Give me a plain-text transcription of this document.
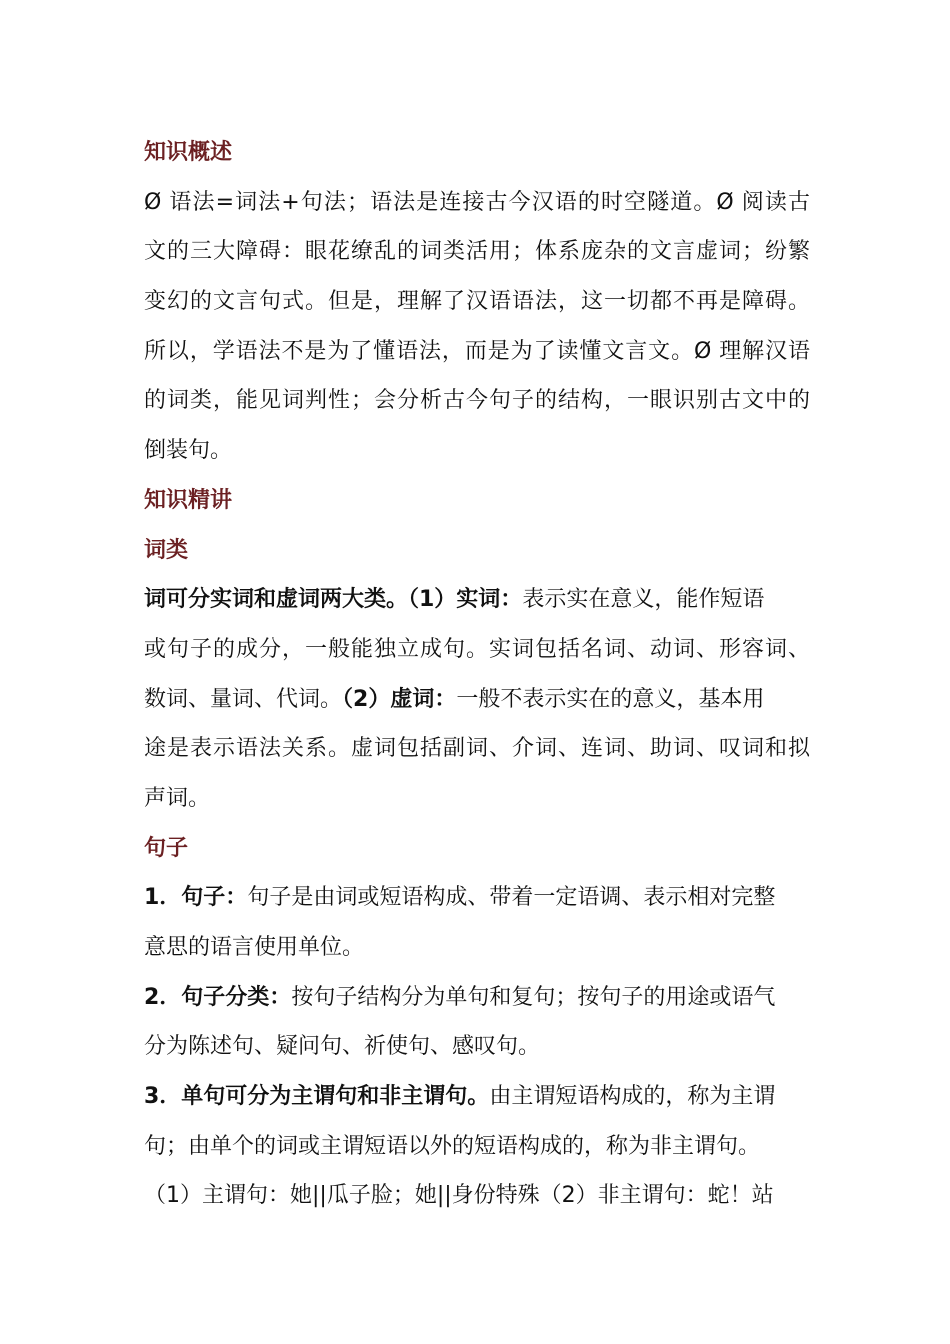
知识概述
Ø 语法=词法+句法；语法是连接古今汉语的时空隧道。Ø 阅读古
文的三大障碍：眼花缭乱的词类活用；体系庞杂的文言虚词；纷繁
变幻的文言句式。但是，理解了汉语语法，这一切都不再是障碍。
所以，学语法不是为了懂语法，而是为了读懂文言文。Ø 理解汉语
的词类，能见词判性；会分析古今句子的结构，一眼识别古文中的
倒装句。
知识精讲
词类
词可分实词和虚词两大类。（1）实词：表示实在意义，能作短语
或句子的成分，一般能独立成句。实词包括名词、动词、形容词、
数词、量词、代词。（2）虚词：一般不表示实在的意义，基本用
途是表示语法关系。虚词包括副词、介词、连词、助词、叹词和拟
声词。
句子
1．句子：句子是由词或短语构成、带着一定语调、表示相对完整
意思的语言使用单位。
2．句子分类：按句子结构分为单句和复句；按句子的用途或语气
分为陈述句、疑问句、祈使句、感叹句。
3．单句可分为主谓句和非主谓句。由主谓短语构成的，称为主谓
句；由单个的词或主谓短语以外的短语构成的，称为非主谓句。
（1）主谓句：她||瓜子脸；她||身份特殊（2）非主谓句：蛇！站
